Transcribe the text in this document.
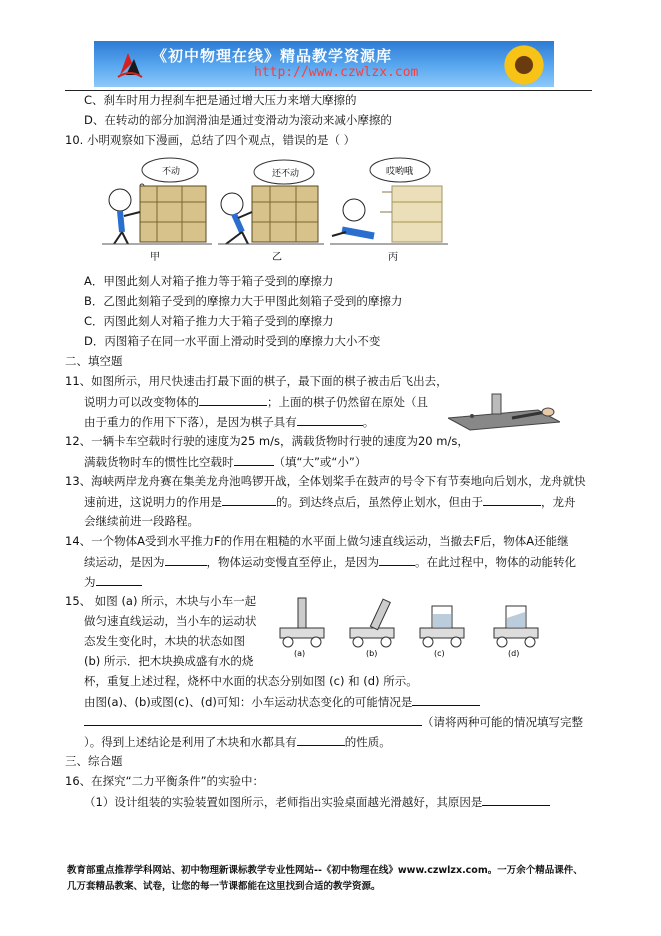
《初中物理在线》精品教学资源库
http://www.czwlzx.com
C、刹车时用力捏刹车把是通过增大压力来增大摩擦的
D、在转动的部分加润滑油是通过变滑动为滚动来减小摩擦的
10. 小明观察如下漫画，总结了四个观点，错误的是（ ）
不动	还不动	哎哟哦
甲	乙	丙
A．甲图此刻人对箱子推力等于箱子受到的摩擦力
B．乙图此刻箱子受到的摩擦力大于甲图此刻箱子受到的摩擦力
C．丙图此刻人对箱子推力大于箱子受到的摩擦力
D．丙图箱子在同一水平面上滑动时受到的摩擦力大小不变
二、填空题
11、如图所示，用尺快速击打最下面的棋子，最下面的棋子被击后飞出去，
说明力可以改变物体的	；上面的棋子仍然留在原处（且
由于重力的作用下下落），是因为棋子具有	。
12、一辆卡车空载时行驶的速度为25 m/s，满载货物时行驶的速度为20 m/s，
满载货物时车的惯性比空载时	（填“大”或“小”）
13、海峡两岸龙舟赛在集美龙舟池鸣锣开战，全体划桨手在鼓声的号令下有节奏地向后划水，龙舟就快
速前进，这说明力的作用是	的。到达终点后，虽然停止划水，但由于	，龙舟
会继续前进一段路程。
14、一个物体A受到水平推力F的作用在粗糙的水平面上做匀速直线运动，当撤去F后，物体A还能继
续运动，是因为	，物体运动变慢直至停止，是因为	。在此过程中，物体的动能转化
为
15、 如图 (a) 所示，木块与小车一起
做匀速直线运动，当小车的运动状
态发生变化时，木块的状态如图
(b) 所示．把木块换成盛有水的烧
(a)	(b)	(c)	(d)
杯，重复上述过程，烧杯中水面的状态分别如图 (c) 和 (d) 所示。
由图(a)、(b)或图(c)、(d)可知：小车运动状态变化的可能情况是
（请将两种可能的情况填写完整
）。得到上述结论是利用了木块和水都具有	的性质。
三、综合题
16、在探究“二力平衡条件”的实验中：
（1）设计组装的实验装置如图所示，老师指出实验桌面越光滑越好，其原因是
教育部重点推荐学科网站、初中物理新课标教学专业性网站--《初中物理在线》www.czwlzx.com。一万余个精品课件、
几万套精品教案、试卷，让您的每一节课都能在这里找到合适的教学资源。
